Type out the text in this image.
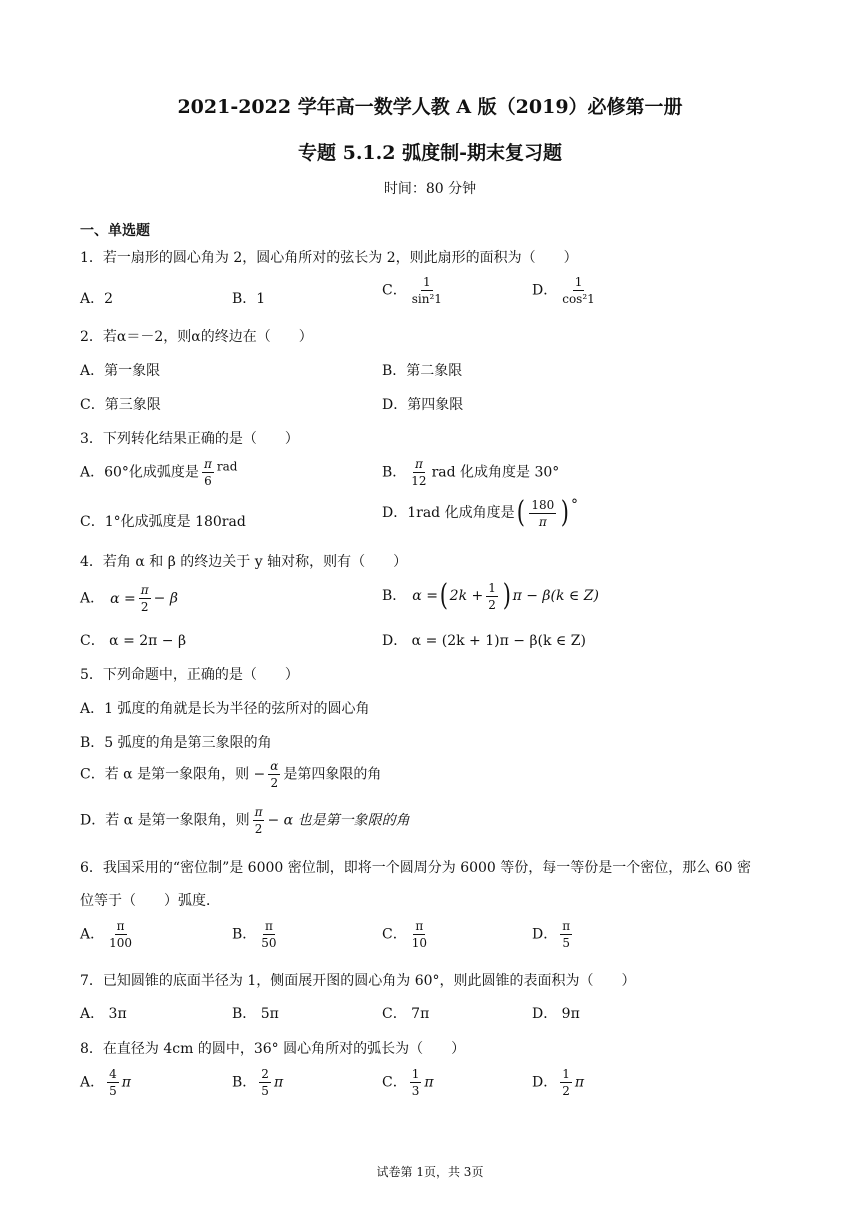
2021-2022 学年高一数学人教 A 版（2019）必修第一册
专题 5.1.2 弧度制-期末复习题
时间：80 分钟
一、单选题
1．若一扇形的圆心角为 2，圆心角所对的弦长为 2，则此扇形的面积为（　　）
A．2	B．1
C． $\frac{1}{\text{sin²1}}$	D． $\frac{1}{\text{cos²1}}$
2．若α＝－2，则α的终边在（　　）
A．第一象限	B．第二象限
C．第三象限	D．第四象限
3．下列转化结果正确的是（　　）
A．60°化成弧度是 $\frac{\pi}{6}$ rad	B． $\frac{\pi}{12}$ rad 化成角度是 30°
C．1°化成弧度是 180rad
D．1rad 化成角度是( $\frac{180}{\pi}$ ) °
4．若角 α 和 β 的终边关于 y 轴对称，则有（　　）
A． $\alpha = \frac{\pi}{2} - \beta$	B． α =( $2k + \frac{1}{2}$ ) π − β(k ∈ Z)
C． α = 2π − β	D． α = (2k + 1)π − β(k ∈ Z)
5．下列命题中，正确的是（　　）
A．1 弧度的角就是长为半径的弦所对的圆心角
B．5 弧度的角是第三象限的角
C．若 α 是第一象限角，则 − $\frac{\alpha}{2}$ 是第四象限的角
D．若 α 是第一象限角，则 $\frac{\pi}{2} - \alpha$ 也是第一象限的角
6．我国采用的“密位制”是 6000 密位制，即将一个圆周分为 6000 等份，每一等份是一个密位，那么 60 密
位等于（　　）弧度．
A． $\frac{\pi}{100}$	B． $\frac{\pi}{50}$	C． $\frac{\pi}{10}$	D． $\frac{\pi}{5}$
7．已知圆锥的底面半径为 1，侧面展开图的圆心角为 60°，则此圆锥的表面积为（　　）
A． 3π	B． 5π	C． 7π	D． 9π
8．在直径为 4cm 的圆中，36° 圆心角所对的弧长为（　　）
A． $\frac{4}{5}$ π	B． $\frac{2}{5}$ π	C． $\frac{1}{3}$ π	D． $\frac{1}{2}$ π
试卷第 1页，共 3页
